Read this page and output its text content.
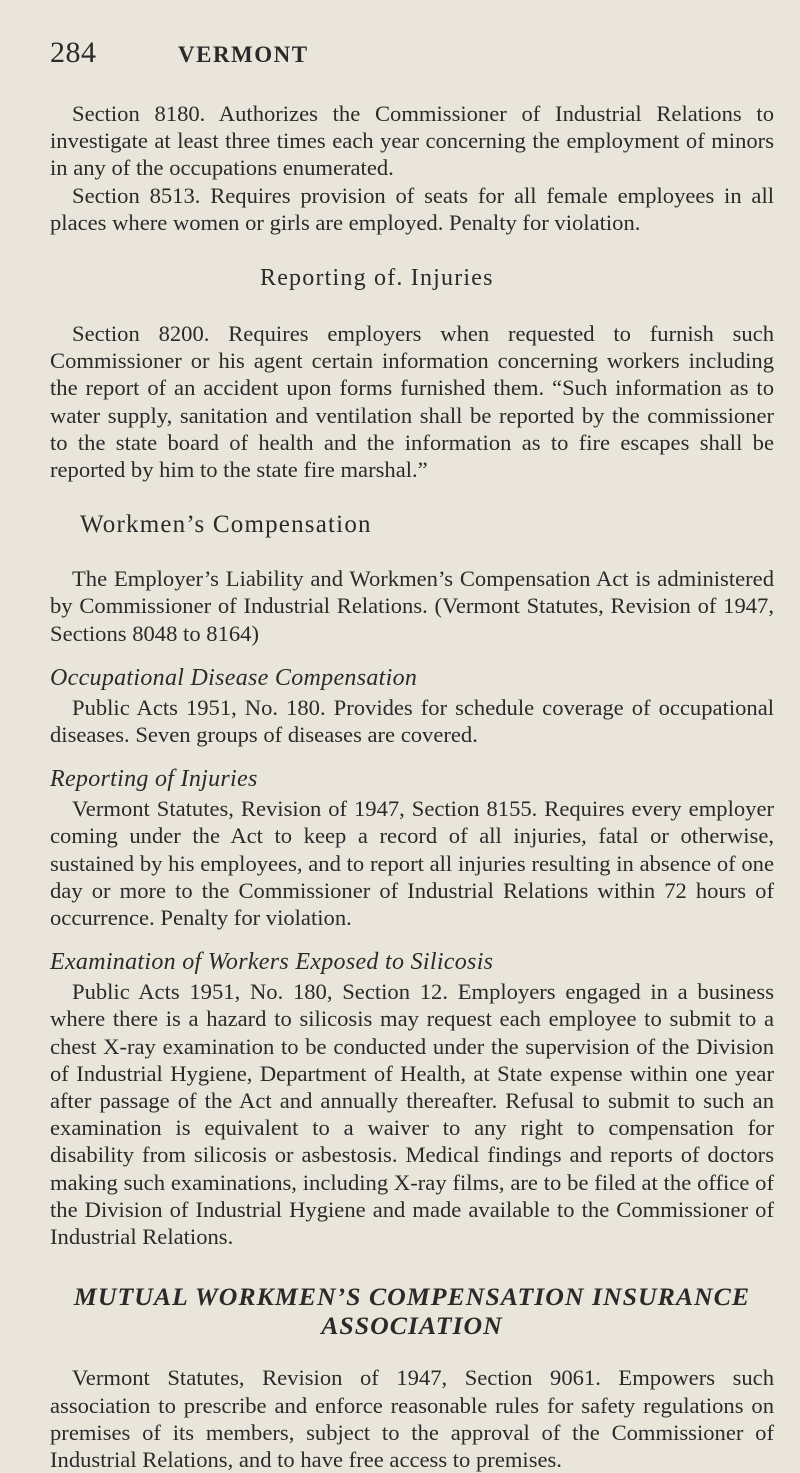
284	VERMONT

Section 8180. Authorizes the Commissioner of Industrial Relations to investigate at least three times each year concerning the employment of minors in any of the occupations enumerated.

Section 8513. Requires provision of seats for all female employees in all places where women or girls are employed. Penalty for violation.

Reporting of. Injuries

Section 8200. Requires employers when requested to furnish such Commissioner or his agent certain information concerning workers including the report of an accident upon forms furnished them. “Such information as to water supply, sanitation and ventilation shall be reported by the commissioner to the state board of health and the information as to fire escapes shall be reported by him to the state fire marshal.”

Workmen’s Compensation

The Employer’s Liability and Workmen’s Compensation Act is administered by Commissioner of Industrial Relations. (Vermont Statutes, Revision of 1947, Sections 8048 to 8164)

Occupational Disease Compensation

Public Acts 1951, No. 180. Provides for schedule coverage of occupational diseases. Seven groups of diseases are covered.

Reporting of Injuries

Vermont Statutes, Revision of 1947, Section 8155. Requires every employer coming under the Act to keep a record of all injuries, fatal or otherwise, sustained by his employees, and to report all injuries resulting in absence of one day or more to the Commissioner of Industrial Relations within 72 hours of occurrence. Penalty for violation.

Examination of Workers Exposed to Silicosis

Public Acts 1951, No. 180, Section 12. Employers engaged in a business where there is a hazard to silicosis may request each employee to submit to a chest X-ray examination to be conducted under the supervision of the Division of Industrial Hygiene, Department of Health, at State expense within one year after passage of the Act and annually thereafter. Refusal to submit to such an examination is equivalent to a waiver to any right to compensation for disability from silicosis or asbestosis. Medical findings and reports of doctors making such examinations, including X-ray films, are to be filed at the office of the Division of Industrial Hygiene and made available to the Commissioner of Industrial Relations.

MUTUAL WORKMEN’S COMPENSATION INSURANCE
ASSOCIATION

Vermont Statutes, Revision of 1947, Section 9061. Empowers such association to prescribe and enforce reasonable rules for safety regulations on premises of its members, subject to the approval of the Commissioner of Industrial Relations, and to have free access to premises.
